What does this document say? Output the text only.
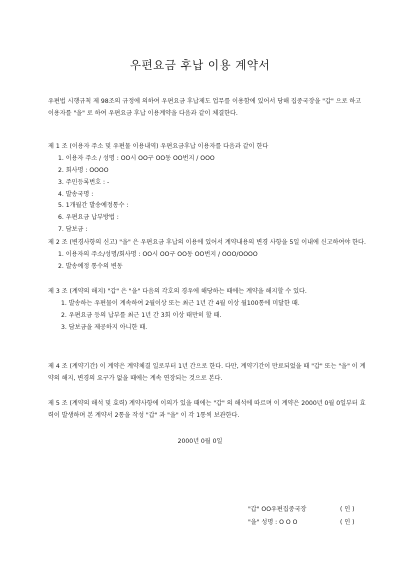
우편요금 후납 이용 계약서

우편법 시행규칙 제 98조의 규정에 의하여 우편요금 후납제도 업무를 이용함에 있어서 당해 집중국장을 "갑" 으로 하고 이용자를 "을" 로 하여 우편요금 후납 이용계약을 다음과 같이 체결한다.

제 1 조 (이용자 주소 및 우편물 이용내역) 우편요금후납 이용자를 다음과 같이 한다
1. 이용자 주소 / 성명 : OO시 OO구 OO동 OO번지 / OOO
2. 회사명 : OOOO
3. 주민등록번호 : -
4. 발송국명 :
5. 1개월간 발송예정통수 :
6. 우편요금 납부방법 :
7. 담보금 :
제 2 조 (변경사항의 신고) "을" 은 우편요금 후납의 이용에 있어서 계약내용의 변경 사항을 5일 이내에 신고하여야 한다.
1. 이용자의 주소/성명/회사명 : OO시 OO구 OO동 OO번지 / OOO/OOOO
2. 발송예정 통수의 변동
제 3 조 (계약의 해지) "갑" 은 "을" 다음의 각호의 경우에 해당하는 때에는 계약을 해지할 수 있다.
1. 발송하는 우편물이 계속하여 2월이상 또는 최근 1년 간 4월 이상 월100통에 미달한 때.
2. 우편요금 등의 납부를 최근 1년 간 3회 이상 태만히 할 때.
3. 담보금을 제공하지 아니한 때.
제 4 조 (계약기간) 이 계약은 계약체결 일로부터 1년 간으로 한다. 다만, 계약기간이 만료되었을 때 "갑" 또는 "을" 이 계약의 해지, 변경의 요구가 없을 때에는 계속 연장되는 것으로 본다.
제 5 조 (계약의 해석 및 효력) 계약사항에 이의가 있을 때에는 "갑" 의 해석에 따르며 이 계약은 2000년 0월 0일부터 효력이 발생하며 본 계약서 2통을 작성 "갑" 과 "을" 이 각 1통씩 보관한다.
2000년 0월 0일
"갑" OO우편집중국장	( 인 )
"을" 성명 : O O O	( 인 )
